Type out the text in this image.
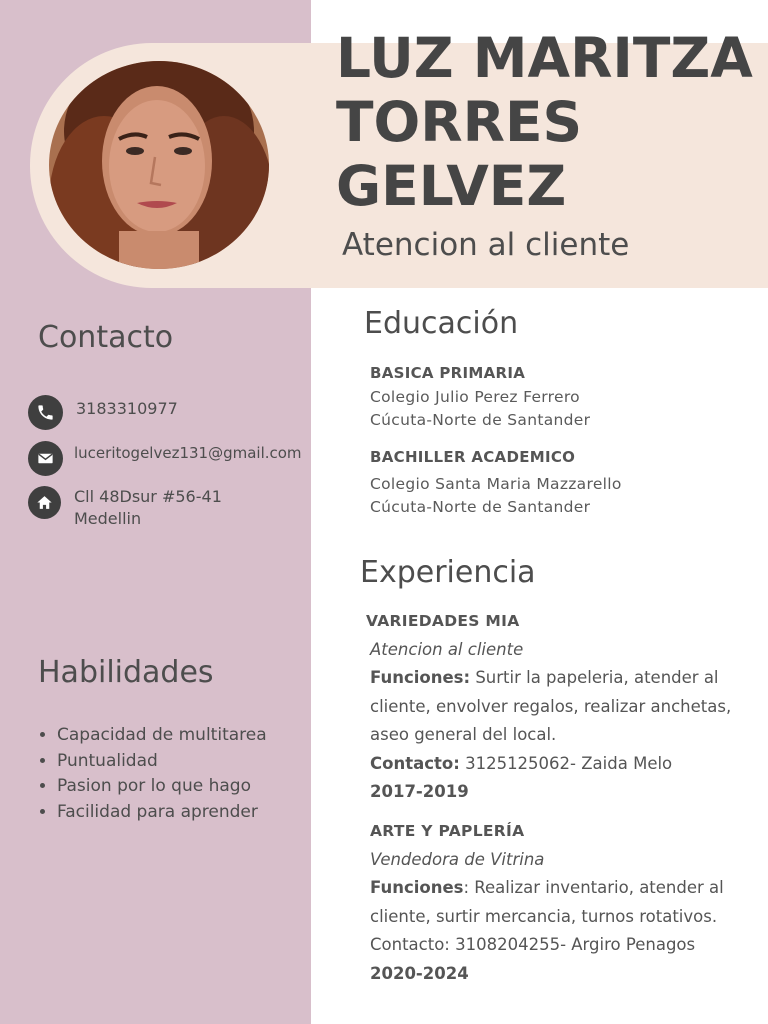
LUZ MARITZA
TORRES
GELVEZ
Atencion al cliente
Contacto
3183310977
luceritogelvez131@gmail.com
Cll 48Dsur #56-41
Medellin
Habilidades
• Capacidad de multitarea
• Puntualidad
• Pasion por lo que hago
• Facilidad para aprender
Educación
BASICA PRIMARIA
Colegio Julio Perez Ferrero
Cúcuta-Norte de Santander
BACHILLER ACADEMICO
Colegio Santa Maria Mazzarello
Cúcuta-Norte de Santander
Experiencia
VARIEDADES MIA
Atencion al cliente
Funciones: Surtir la papeleria, atender al cliente, envolver regalos, realizar anchetas, aseo general del local.
Contacto: 3125125062- Zaida Melo
2017-2019
ARTE Y PAPLERÍA
Vendedora de Vitrina
Funciones: Realizar inventario, atender al cliente, surtir mercancia, turnos rotativos.
Contacto: 3108204255- Argiro Penagos
2020-2024
